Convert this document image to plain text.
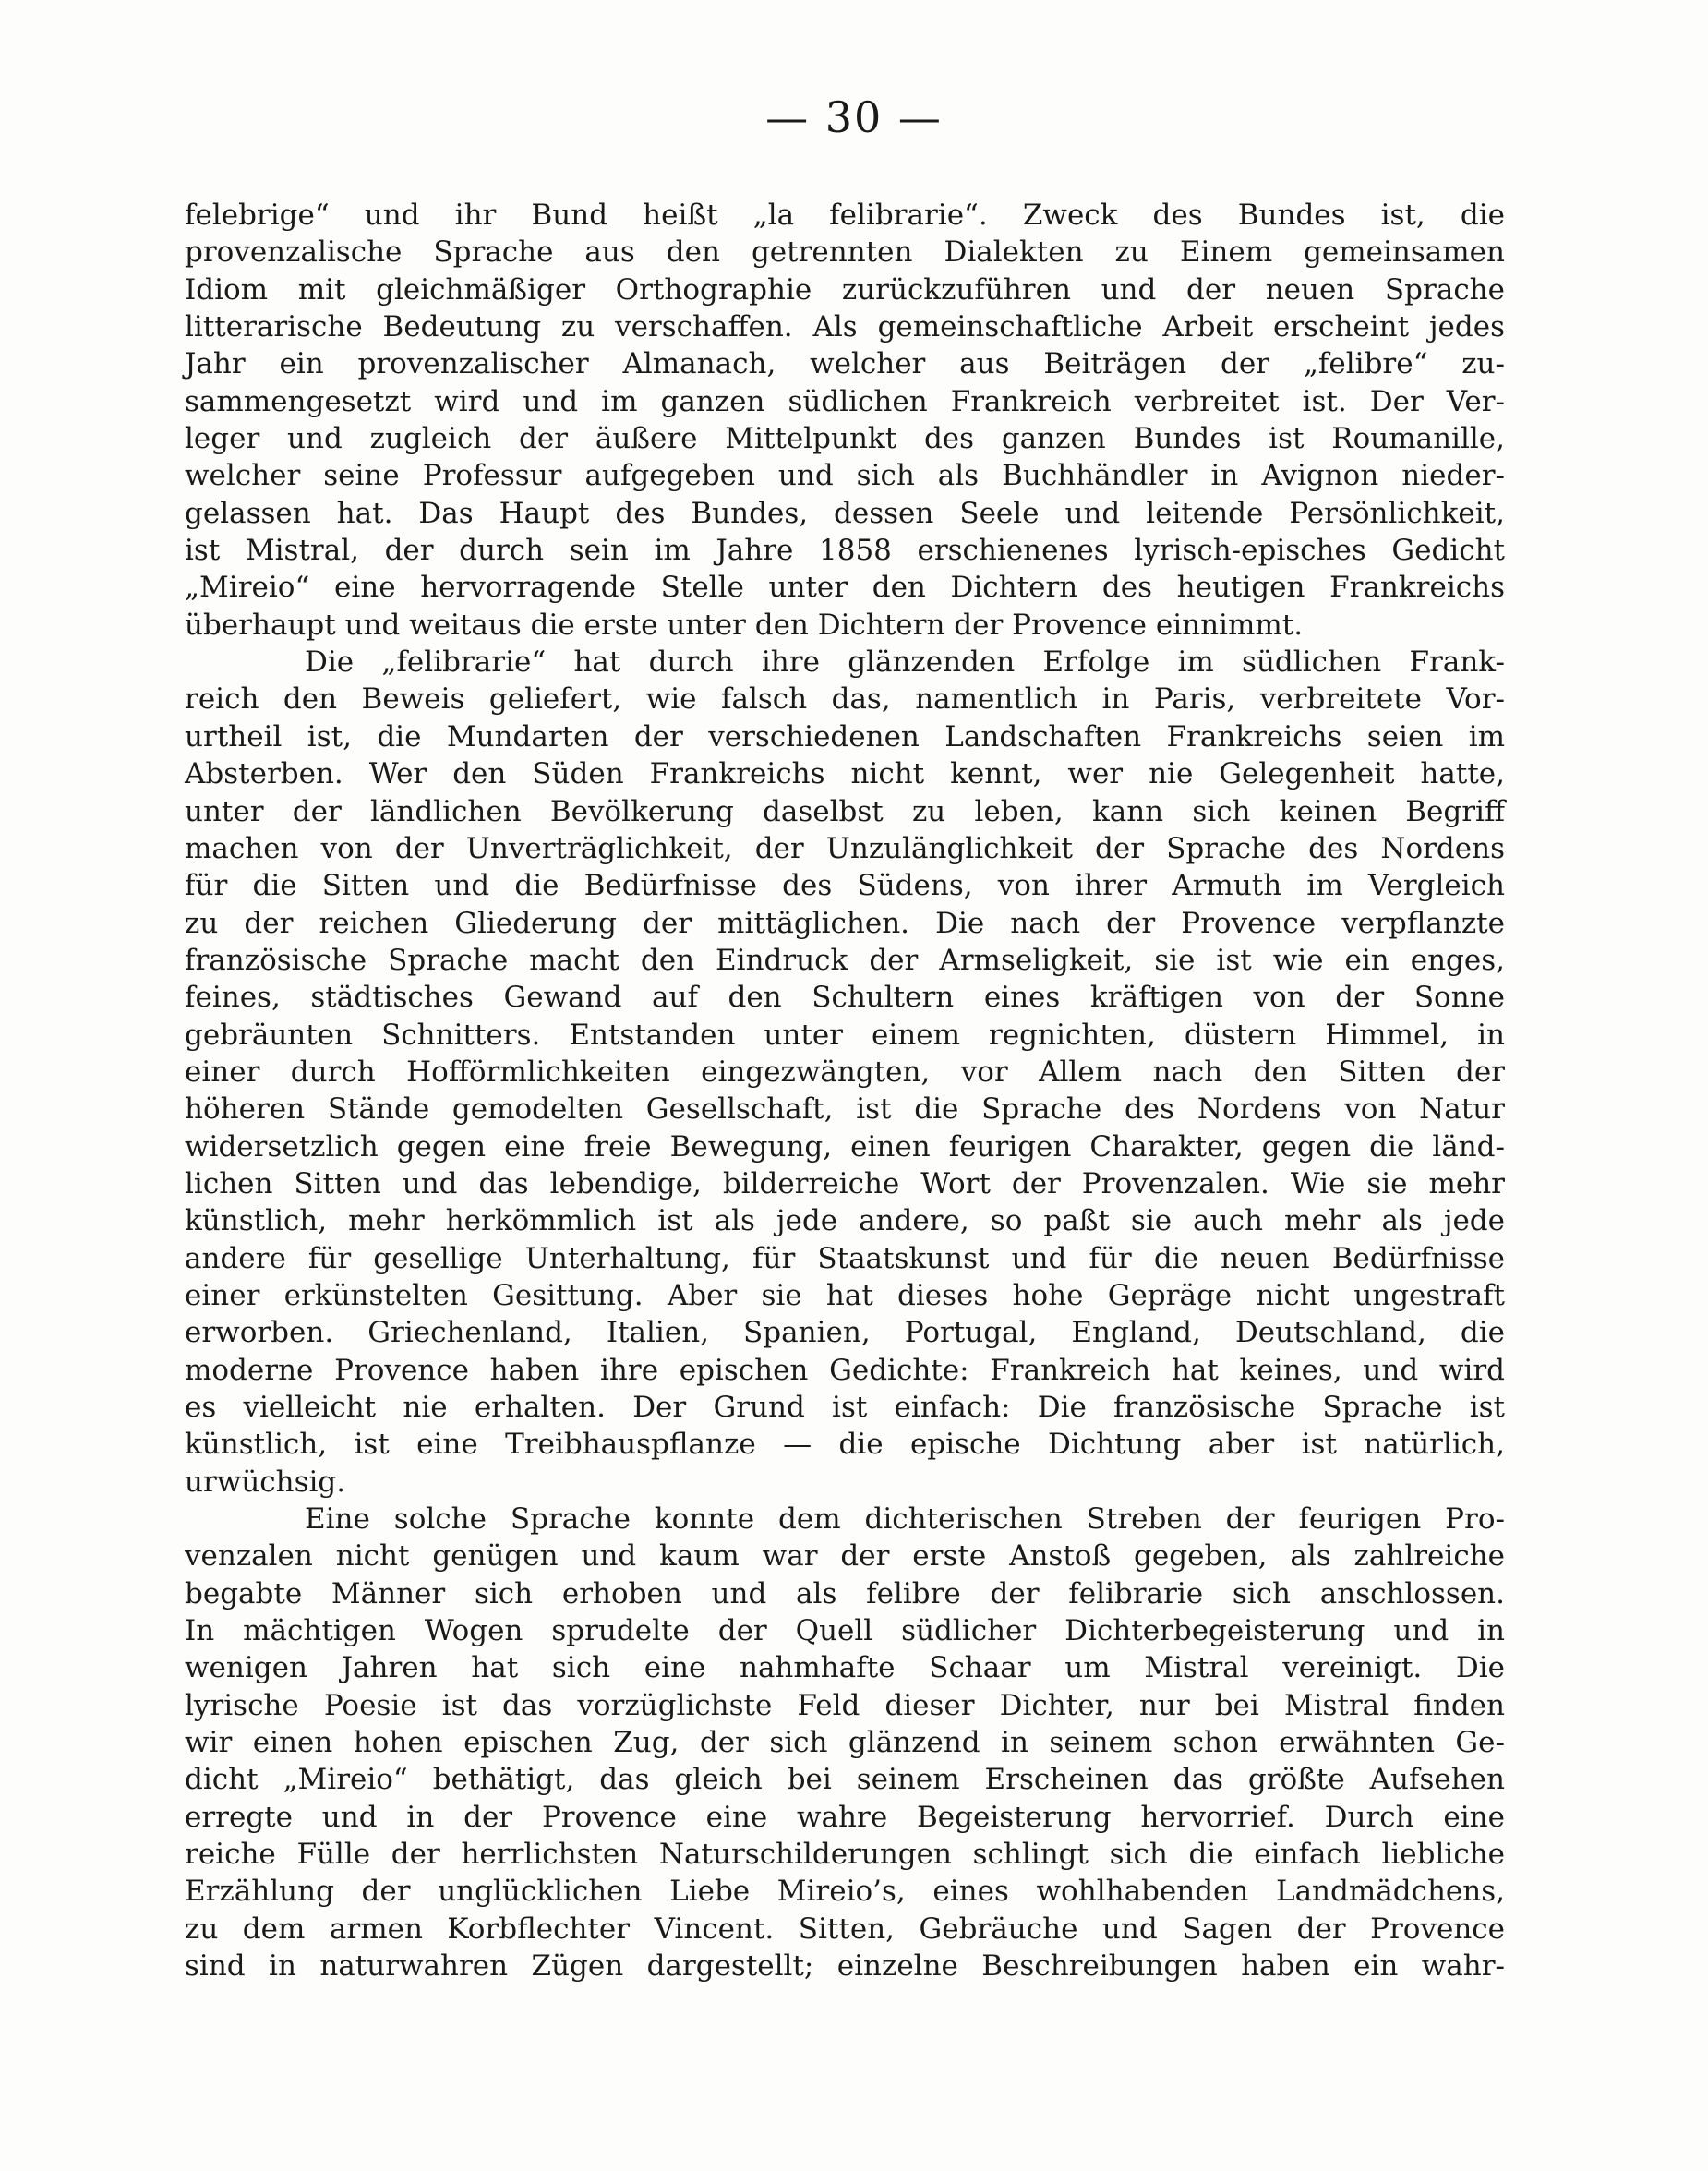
— 30 —
felebrige“ und ihr Bund heißt „la felibrarie“. Zweck des Bundes ist, die
provenzalische Sprache aus den getrennten Dialekten zu Einem gemeinsamen
Idiom mit gleichmäßiger Orthographie zurückzuführen und der neuen Sprache
litterarische Bedeutung zu verschaffen. Als gemeinschaftliche Arbeit erscheint jedes
Jahr ein provenzalischer Almanach, welcher aus Beiträgen der „felibre“ zu-
sammengesetzt wird und im ganzen südlichen Frankreich verbreitet ist. Der Ver-
leger und zugleich der äußere Mittelpunkt des ganzen Bundes ist Roumanille,
welcher seine Professur aufgegeben und sich als Buchhändler in Avignon nieder-
gelassen hat. Das Haupt des Bundes, dessen Seele und leitende Persönlichkeit,
ist Mistral, der durch sein im Jahre 1858 erschienenes lyrisch-episches Gedicht
„Mireio“ eine hervorragende Stelle unter den Dichtern des heutigen Frankreichs
überhaupt und weitaus die erste unter den Dichtern der Provence einnimmt.
Die „felibrarie“ hat durch ihre glänzenden Erfolge im südlichen Frank-
reich den Beweis geliefert, wie falsch das, namentlich in Paris, verbreitete Vor-
urtheil ist, die Mundarten der verschiedenen Landschaften Frankreichs seien im
Absterben. Wer den Süden Frankreichs nicht kennt, wer nie Gelegenheit hatte,
unter der ländlichen Bevölkerung daselbst zu leben, kann sich keinen Begriff
machen von der Unverträglichkeit, der Unzulänglichkeit der Sprache des Nordens
für die Sitten und die Bedürfnisse des Südens, von ihrer Armuth im Vergleich
zu der reichen Gliederung der mittäglichen. Die nach der Provence verpflanzte
französische Sprache macht den Eindruck der Armseligkeit, sie ist wie ein enges,
feines, städtisches Gewand auf den Schultern eines kräftigen von der Sonne
gebräunten Schnitters. Entstanden unter einem regnichten, düstern Himmel, in
einer durch Hofförmlichkeiten eingezwängten, vor Allem nach den Sitten der
höheren Stände gemodelten Gesellschaft, ist die Sprache des Nordens von Natur
widersetzlich gegen eine freie Bewegung, einen feurigen Charakter, gegen die länd-
lichen Sitten und das lebendige, bilderreiche Wort der Provenzalen. Wie sie mehr
künstlich, mehr herkömmlich ist als jede andere, so paßt sie auch mehr als jede
andere für gesellige Unterhaltung, für Staatskunst und für die neuen Bedürfnisse
einer erkünstelten Gesittung. Aber sie hat dieses hohe Gepräge nicht ungestraft
erworben. Griechenland, Italien, Spanien, Portugal, England, Deutschland, die
moderne Provence haben ihre epischen Gedichte: Frankreich hat keines, und wird
es vielleicht nie erhalten. Der Grund ist einfach: Die französische Sprache ist
künstlich, ist eine Treibhauspflanze — die epische Dichtung aber ist natürlich,
urwüchsig.
Eine solche Sprache konnte dem dichterischen Streben der feurigen Pro-
venzalen nicht genügen und kaum war der erste Anstoß gegeben, als zahlreiche
begabte Männer sich erhoben und als felibre der felibrarie sich anschlossen.
In mächtigen Wogen sprudelte der Quell südlicher Dichterbegeisterung und in
wenigen Jahren hat sich eine nahmhafte Schaar um Mistral vereinigt. Die
lyrische Poesie ist das vorzüglichste Feld dieser Dichter, nur bei Mistral finden
wir einen hohen epischen Zug, der sich glänzend in seinem schon erwähnten Ge-
dicht „Mireio“ bethätigt, das gleich bei seinem Erscheinen das größte Aufsehen
erregte und in der Provence eine wahre Begeisterung hervorrief. Durch eine
reiche Fülle der herrlichsten Naturschilderungen schlingt sich die einfach liebliche
Erzählung der unglücklichen Liebe Mireio’s, eines wohlhabenden Landmädchens,
zu dem armen Korbflechter Vincent. Sitten, Gebräuche und Sagen der Provence
sind in naturwahren Zügen dargestellt; einzelne Beschreibungen haben ein wahr-
